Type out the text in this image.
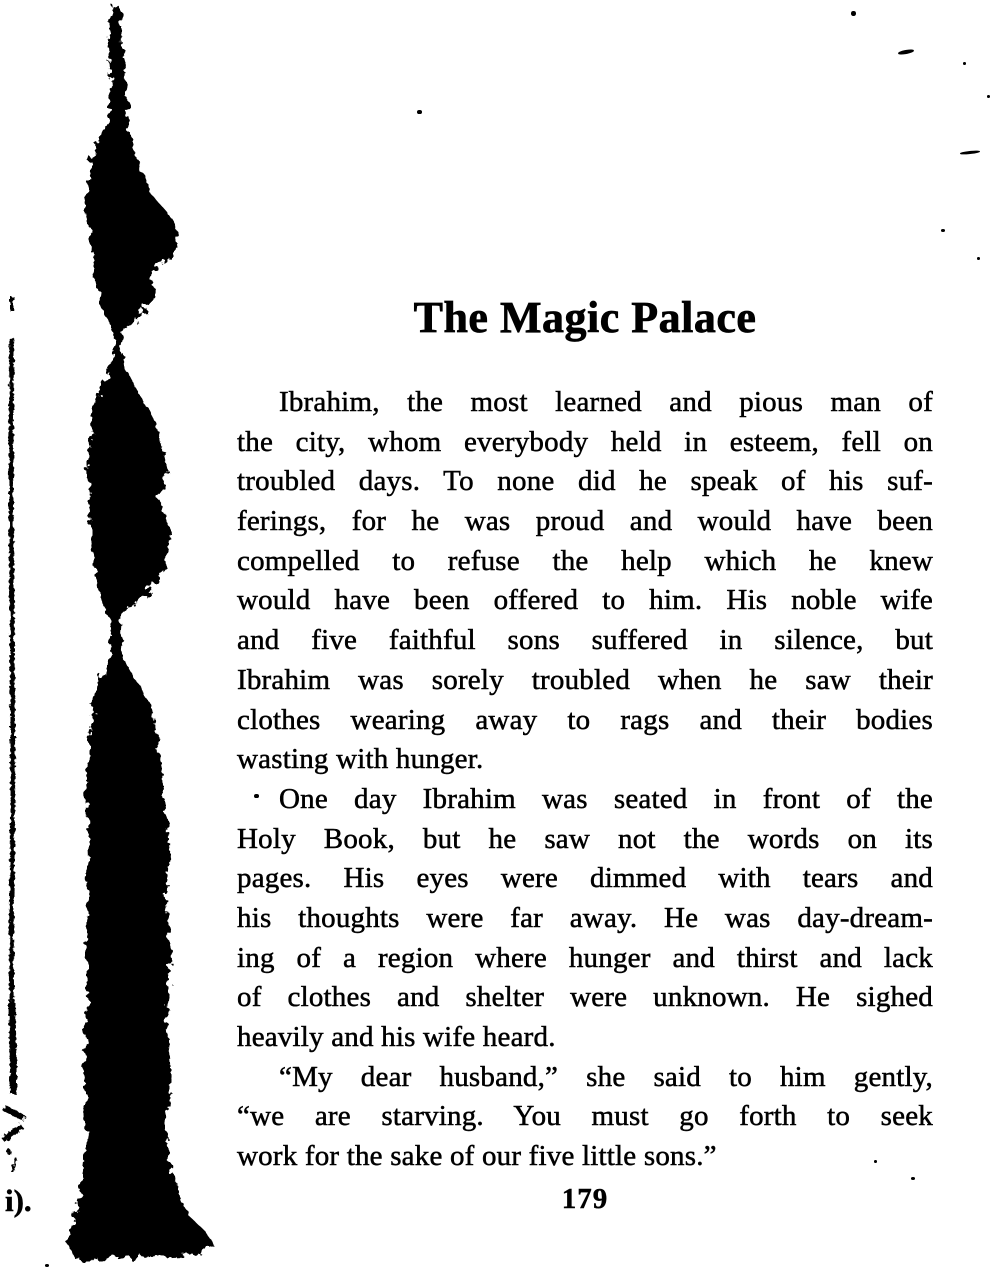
i).
The Magic Palace
Ibrahim, the most learned and pious man of
the city, whom everybody held in esteem, fell on
troubled days. To none did he speak of his suf-
ferings, for he was proud and would have been
compelled to refuse the help which he knew
would have been offered to him. His noble wife
and five faithful sons suffered in silence, but
Ibrahim was sorely troubled when he saw their
clothes wearing away to rags and their bodies
wasting with hunger.
One day Ibrahim was seated in front of the
Holy Book, but he saw not the words on its
pages. His eyes were dimmed with tears and
his thoughts were far away. He was day-dream-
ing of a region where hunger and thirst and lack
of clothes and shelter were unknown. He sighed
heavily and his wife heard.
“My dear husband,” she said to him gently,
“we are starving. You must go forth to seek
work for the sake of our five little sons.”
179
